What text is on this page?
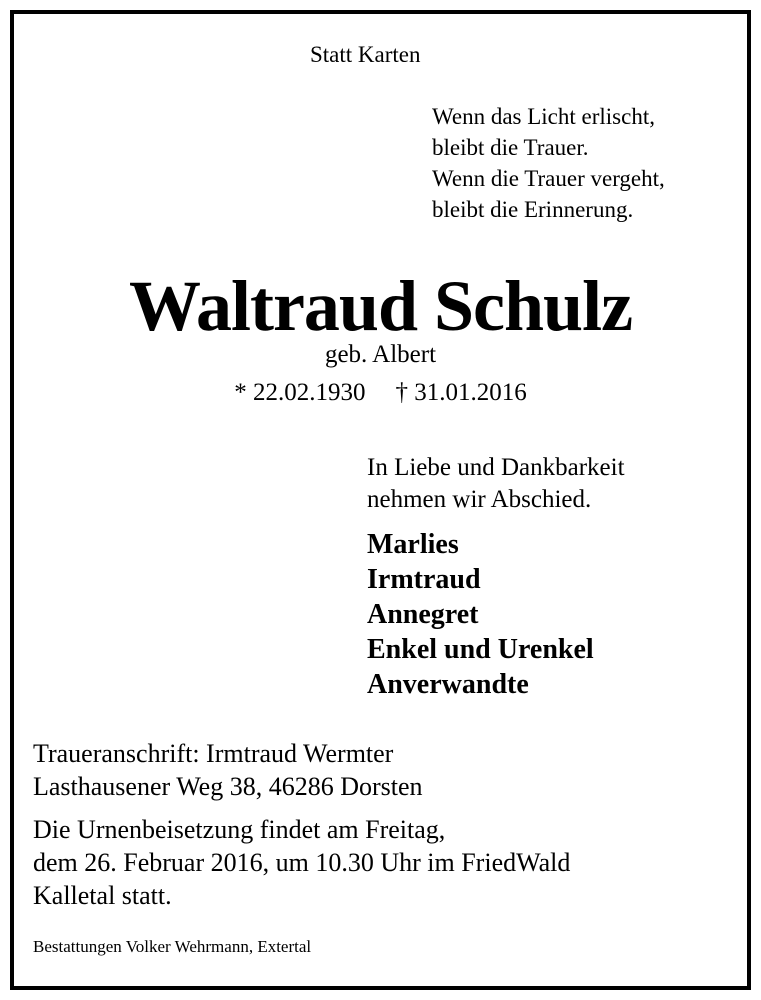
Statt Karten
Wenn das Licht erlischt,
bleibt die Trauer.
Wenn die Trauer vergeht,
bleibt die Erinnerung.
Waltraud Schulz
geb. Albert
* 22.02.1930 † 31.01.2016
In Liebe und Dankbarkeit
nehmen wir Abschied.
Marlies
Irmtraud
Annegret
Enkel und Urenkel
Anverwandte
Traueranschrift: Irmtraud Wermter
Lasthausener Weg 38, 46286 Dorsten
Die Urnenbeisetzung findet am Freitag,
dem 26. Februar 2016, um 10.30 Uhr im FriedWald
Kalletal statt.
Bestattungen Volker Wehrmann, Extertal
